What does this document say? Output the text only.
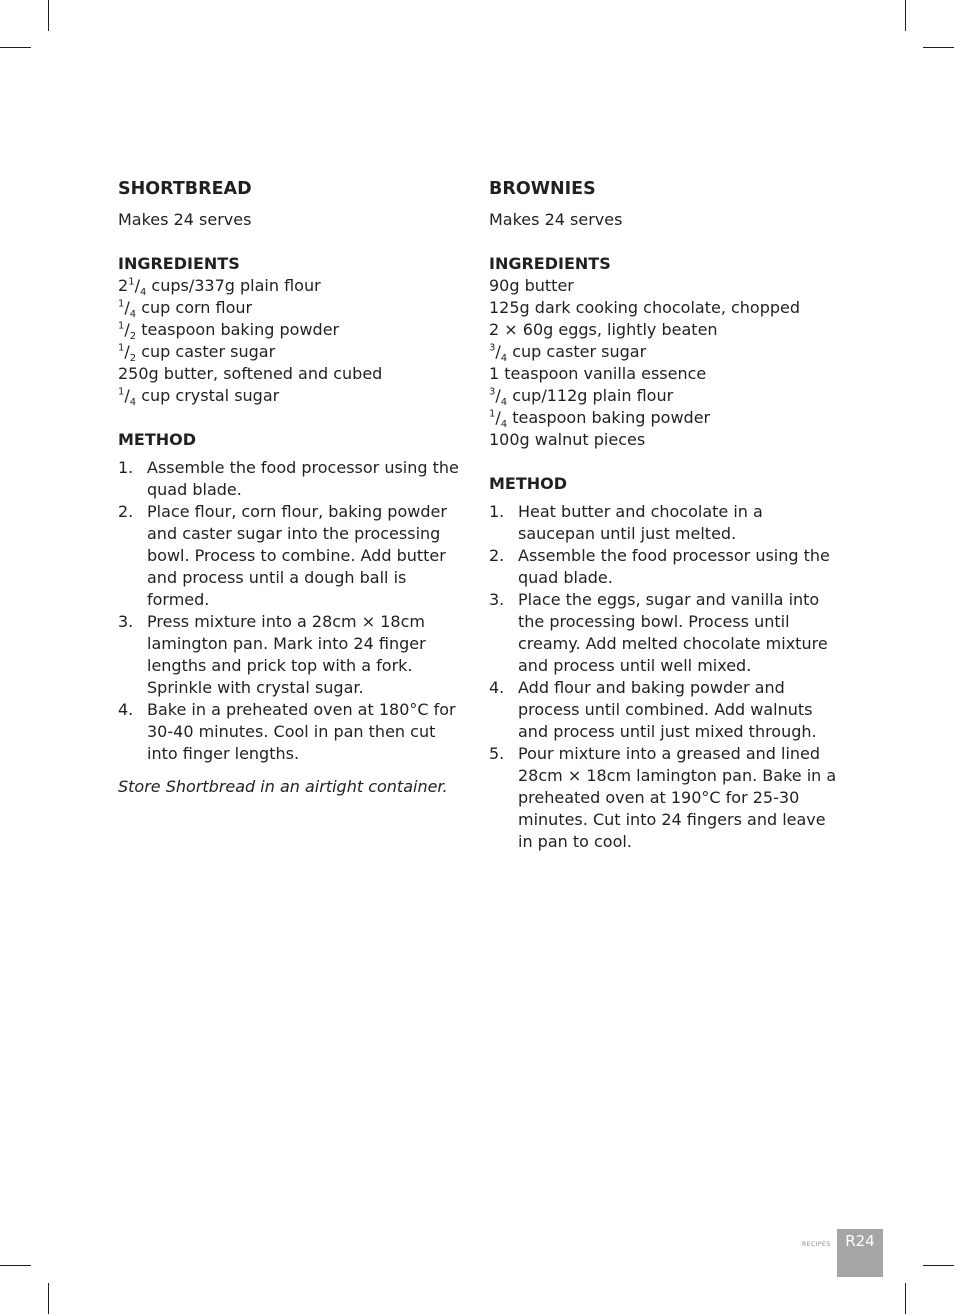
SHORTBREAD

Makes 24 serves

INGREDIENTS

$2^1/_4$ cups/337g plain flour
$^1/_4$ cup corn flour
$^1/_2$ teaspoon baking powder
$^1/_2$ cup caster sugar
250g butter, softened and cubed
$^1/_4$ cup crystal sugar

METHOD

1. Assemble the food processor using the quad blade.
2. Place flour, corn flour, baking powder and caster sugar into the processing bowl. Process to combine. Add butter and process until a dough ball is formed.
3. Press mixture into a 28cm × 18cm lamington pan. Mark into 24 finger lengths and prick top with a fork. Sprinkle with crystal sugar.
4. Bake in a preheated oven at 180°C for 30-40 minutes. Cool in pan then cut into finger lengths.

Store Shortbread in an airtight container.

BROWNIES

Makes 24 serves

INGREDIENTS

90g butter
125g dark cooking chocolate, chopped
2 × 60g eggs, lightly beaten
$^3/_4$ cup caster sugar
1 teaspoon vanilla essence
$^3/_4$ cup/112g plain flour
$^1/_4$ teaspoon baking powder
100g walnut pieces

METHOD

1. Heat butter and chocolate in a saucepan until just melted.
2. Assemble the food processor using the quad blade.
3. Place the eggs, sugar and vanilla into the processing bowl. Process until creamy. Add melted chocolate mixture and process until well mixed.
4. Add flour and baking powder and process until combined. Add walnuts and process until just mixed through.
5. Pour mixture into a greased and lined 28cm × 18cm lamington pan. Bake in a preheated oven at 190°C for 25-30 minutes. Cut into 24 fingers and leave in pan to cool.
RECIPES R24
